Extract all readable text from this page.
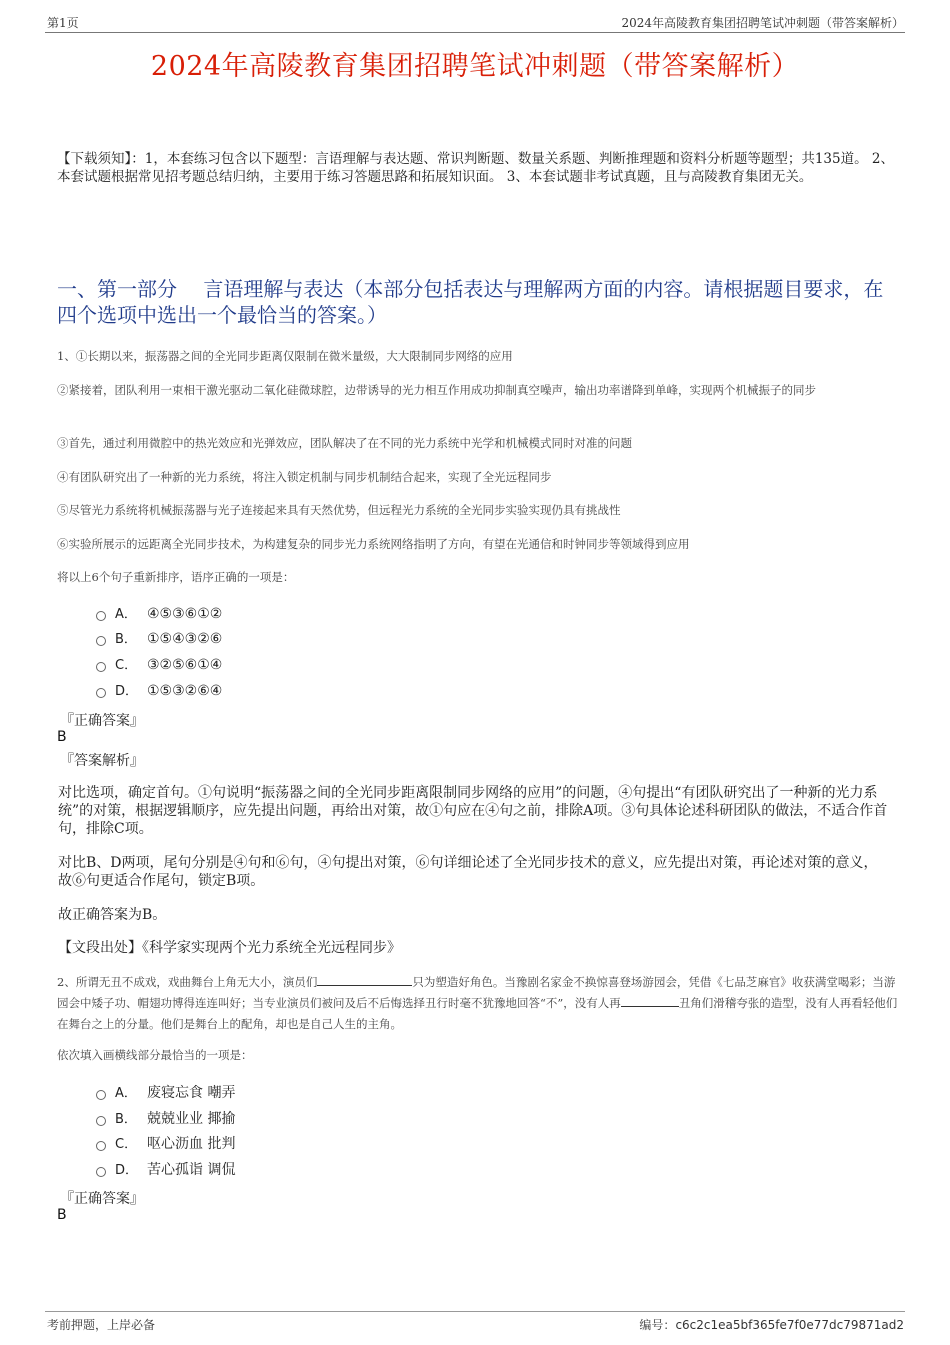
第1页	2024年高陵教育集团招聘笔试冲刺题（带答案解析）
2024年高陵教育集团招聘笔试冲刺题（带答案解析）
【下载须知】：1，本套练习包含以下题型：言语理解与表达题、常识判断题、数量关系题、判断推理题和资料分析题等题型；共135道。 2、本套试题根据常见招考题总结归纳，主要用于练习答题思路和拓展知识面。 3、本套试题非考试真题，且与高陵教育集团无关。
一、第一部分　 言语理解与表达（本部分包括表达与理解两方面的内容。请根据题目要求，在四个选项中选出一个最恰当的答案。）
1、①长期以来，振荡器之间的全光同步距离仅限制在微米量级，大大限制同步网络的应用
②紧接着，团队利用一束相干激光驱动二氧化硅微球腔，边带诱导的光力相互作用成功抑制真空噪声，输出功率谱降到单峰，实现两个机械振子的同步
③首先，通过利用微腔中的热光效应和光弹效应，团队解决了在不同的光力系统中光学和机械模式同时对准的问题
④有团队研究出了一种新的光力系统，将注入锁定机制与同步机制结合起来，实现了全光远程同步
⑤尽管光力系统将机械振荡器与光子连接起来具有天然优势，但远程光力系统的全光同步实验实现仍具有挑战性
⑥实验所展示的远距离全光同步技术，为构建复杂的同步光力系统网络指明了方向，有望在光通信和时钟同步等领域得到应用
将以上6个句子重新排序，语序正确的一项是：
A． ④⑤③⑥①②
B． ①⑤④③②⑥
C． ③②⑤⑥①④
D． ①⑤③②⑥④
『正确答案』
B
『答案解析』
对比选项，确定首句。①句说明“振荡器之间的全光同步距离限制同步网络的应用”的问题，④句提出“有团队研究出了一种新的光力系统”的对策，根据逻辑顺序，应先提出问题，再给出对策，故①句应在④句之前，排除A项。③句具体论述科研团队的做法，不适合作首句，排除C项。
对比B、D两项，尾句分别是④句和⑥句，④句提出对策，⑥句详细论述了全光同步技术的意义，应先提出对策，再论述对策的意义，故⑥句更适合作尾句，锁定B项。
故正确答案为B。
【文段出处】《科学家实现两个光力系统全光远程同步》
2、所谓无丑不成戏，戏曲舞台上角无大小，演员们	只为塑造好角色。当豫剧名家金不换惊喜登场游园会，凭借《七品芝麻官》收获满堂喝彩；当游园会中矮子功、帽翅功博得连连叫好；当专业演员们被问及后不后悔选择丑行时毫不犹豫地回答“不”，没有人再	丑角们滑稽夸张的造型，没有人再看轻他们在舞台之上的分量。他们是舞台上的配角，却也是自己人生的主角。
依次填入画横线部分最恰当的一项是：
A． 废寝忘食 嘲弄
B． 兢兢业业 揶揄
C． 呕心沥血 批判
D． 苦心孤诣 调侃
『正确答案』
B
考前押题，上岸必备	编号：c6c2c1ea5bf365fe7f0e77dc79871ad2
